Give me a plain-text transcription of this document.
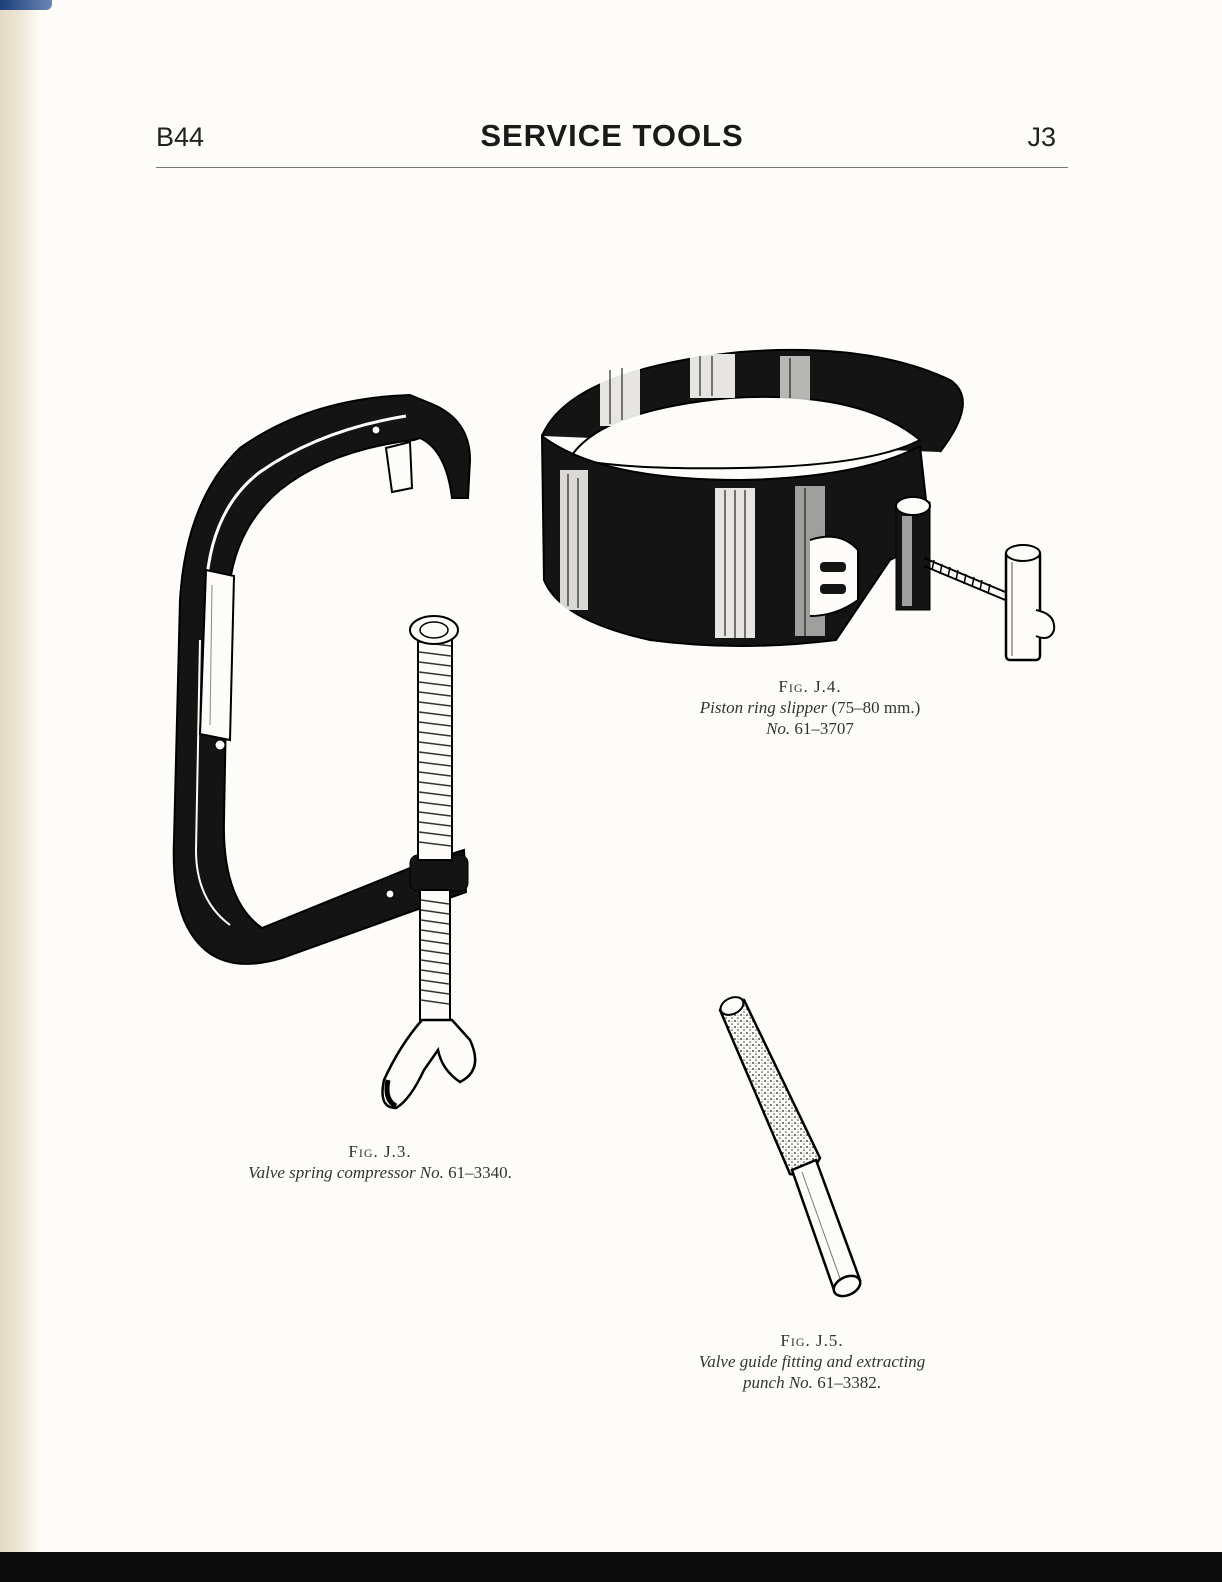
B44	SERVICE TOOLS	J3
Fig. J.3.
Valve spring compressor No. 61–3340.
Fig. J.4.
Piston ring slipper (75–80 mm.)
No. 61–3707
Fig. J.5.
Valve guide fitting and extracting
punch No. 61–3382.
